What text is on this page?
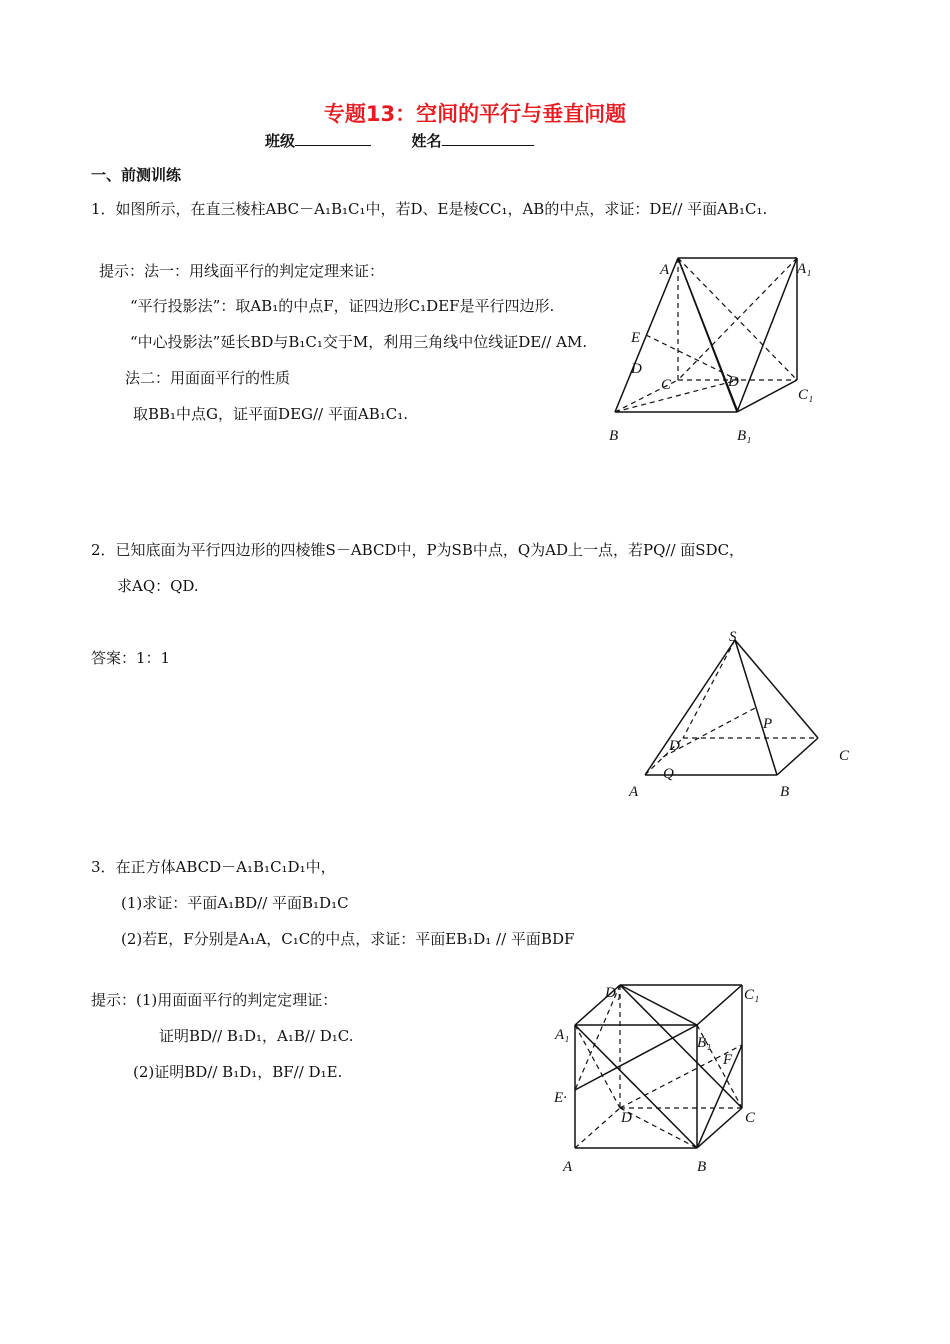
专题13：空间的平行与垂直问题
班级	姓名
一、前测训练
1．如图所示，在直三棱柱ABC－A₁B₁C₁中，若D、E是棱CC₁，AB的中点，求证：DE// 平面AB₁C₁.
提示：法一：用线面平行的判定定理来证：
“平行投影法”：取AB₁的中点F，证四边形C₁DEF是平行四边形.
“中心投影法”延长BD与B₁C₁交于M，利用三角线中位线证DE// AM.
法二：用面面平行的性质
取BB₁中点G，证平面DEG// 平面AB₁C₁.
A	A₁
E
D
C	D
C₁
B	B₁
2．已知底面为平行四边形的四棱锥S－ABCD中，P为SB中点，Q为AD上一点，若PQ// 面SDC，
求AQ：QD.
答案：1：1
S
P
D
C
Q
A	B
3．在正方体ABCD－A₁B₁C₁D₁中，
(1)求证：平面A₁BD// 平面B₁D₁C
(2)若E，F分别是A₁A，C₁C的中点，求证：平面EB₁D₁ // 平面BDF
提示：(1)用面面平行的判定定理证：
证明BD// B₁D₁，A₁B// D₁C.
(2)证明BD// B₁D₁，BF// D₁E.
D₁	C₁
A₁	B₁
F
E·
D	C
A	B
